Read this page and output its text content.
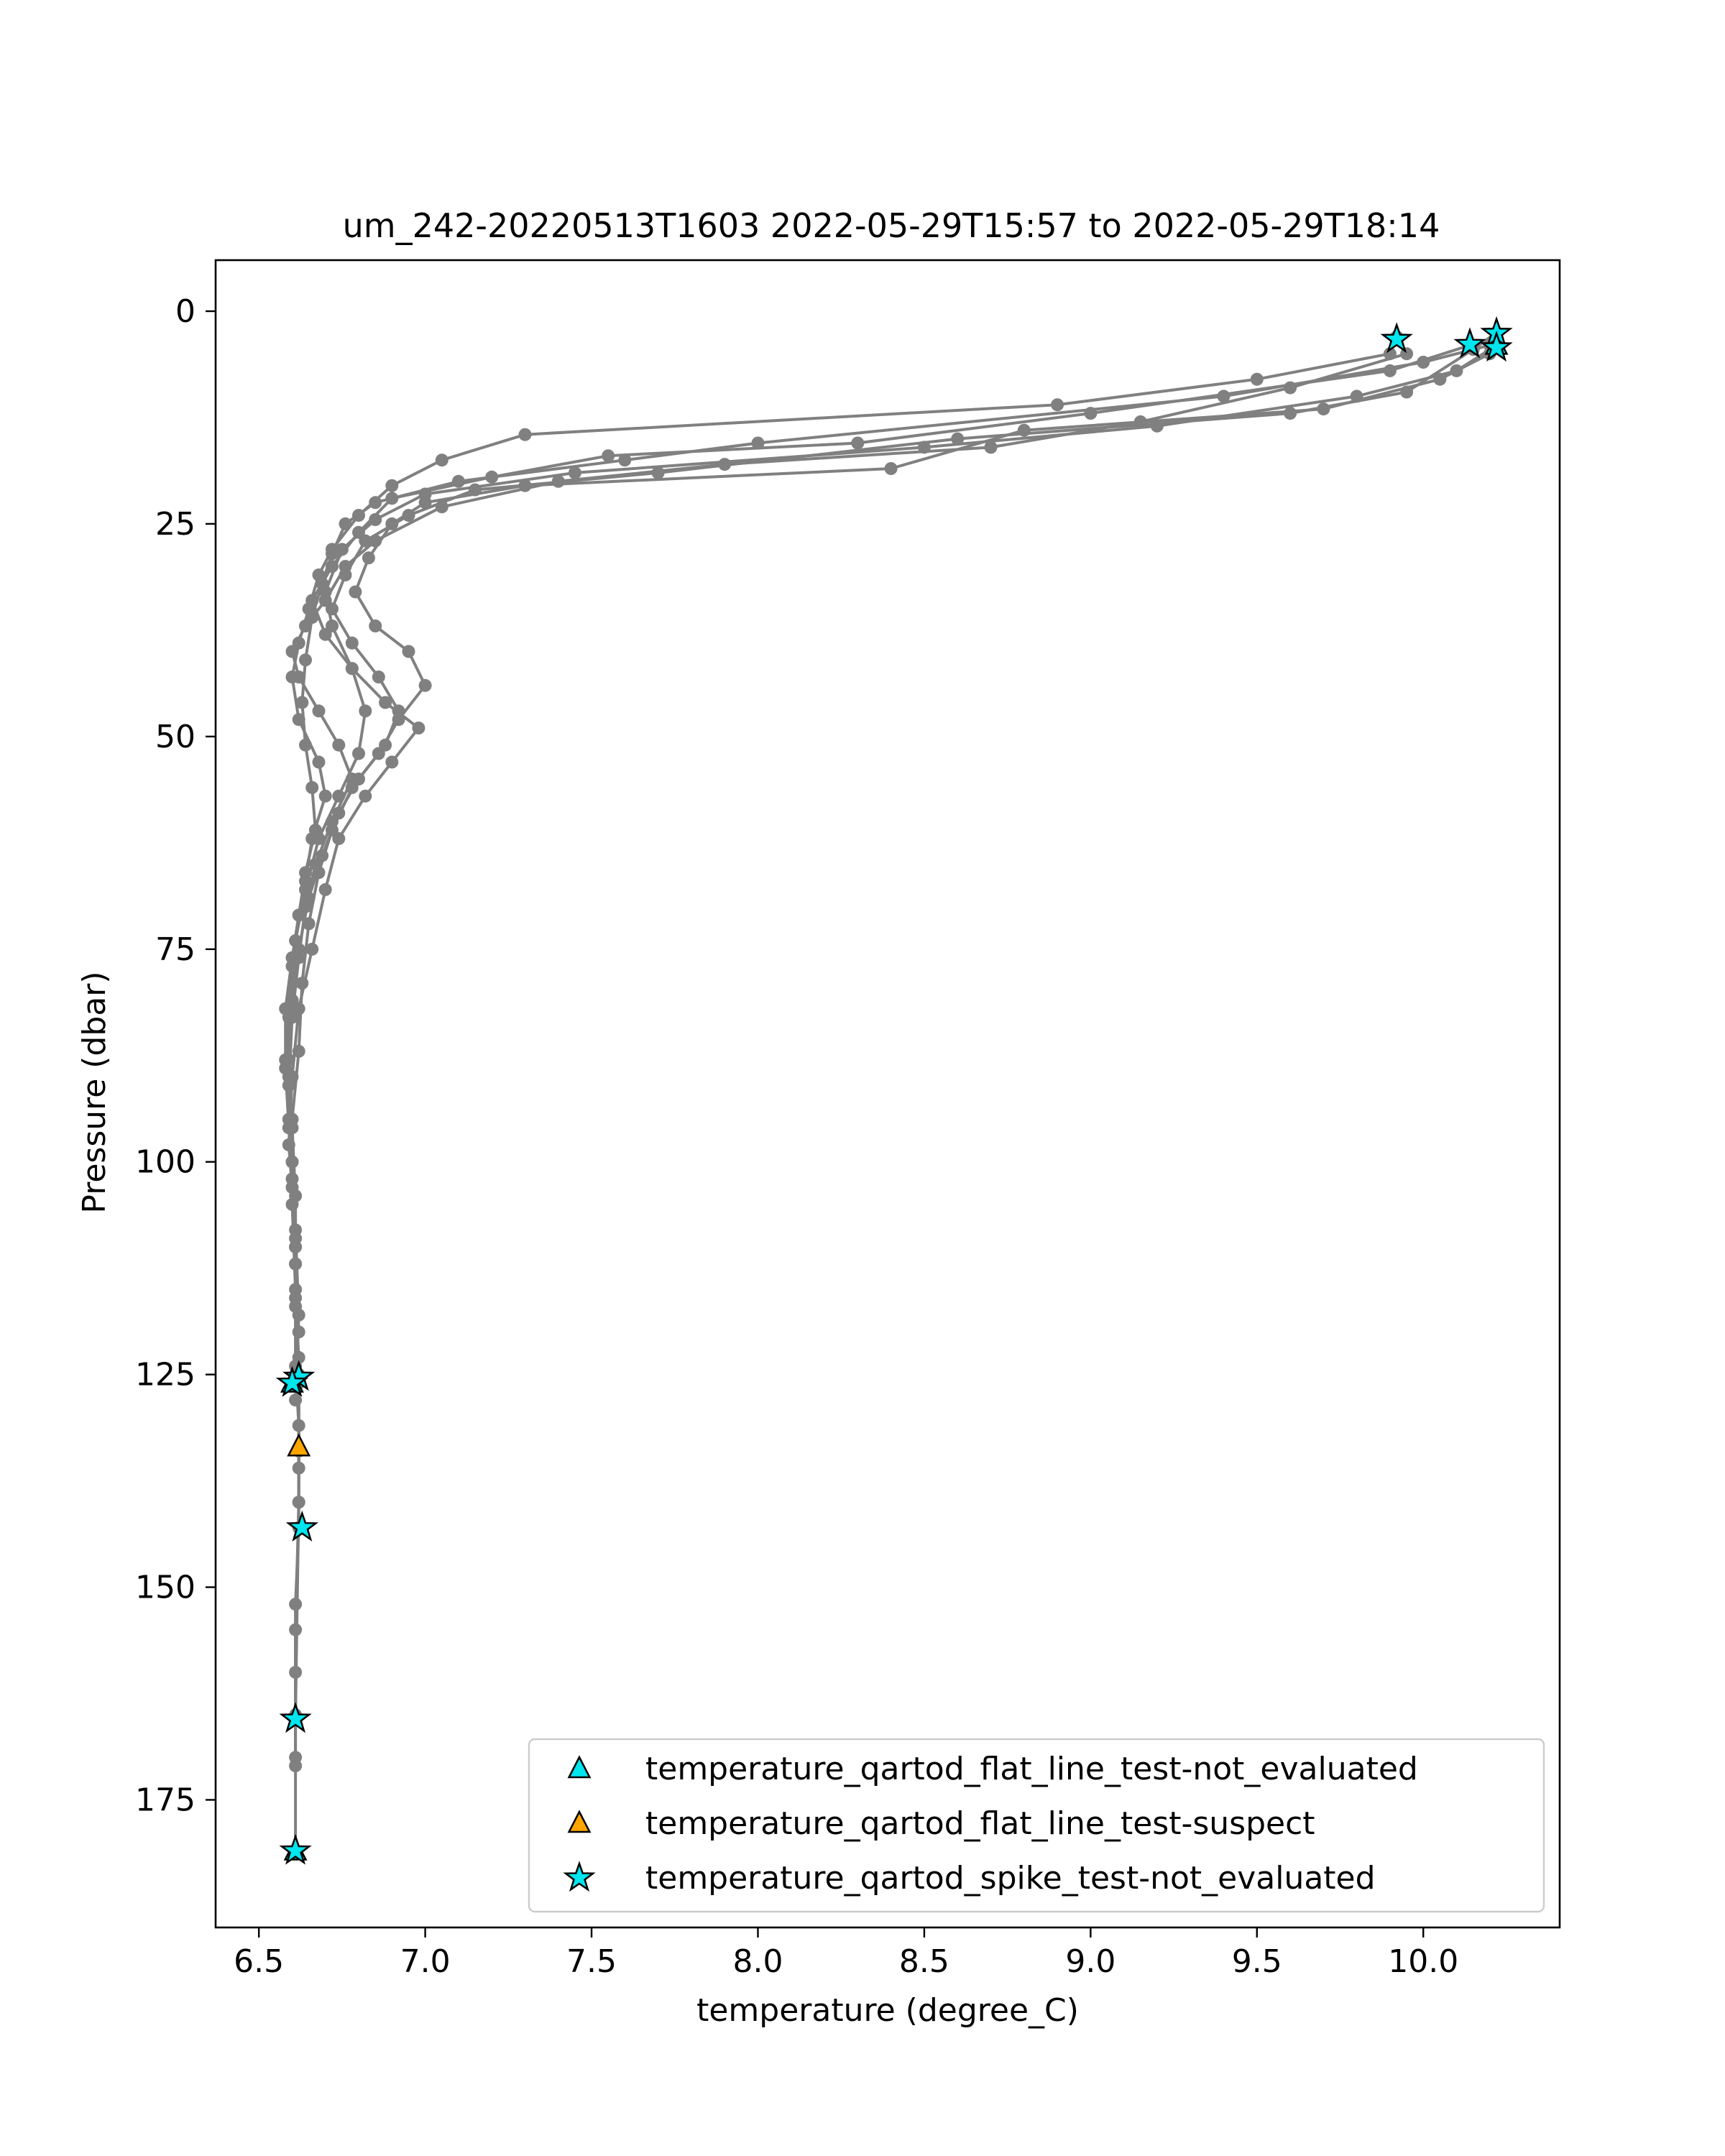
um_242-20220513T1603 2022-05-29T15:57 to 2022-05-29T18:14
6.5	7.0	7.5	8.0	8.5	9.0	9.5	10.0
0
25
50
75
100
125
150
175
temperature (degree_C)
Pressure (dbar)
temperature_qartod_flat_line_test-not_evaluated
temperature_qartod_flat_line_test-suspect
temperature_qartod_spike_test-not_evaluated
